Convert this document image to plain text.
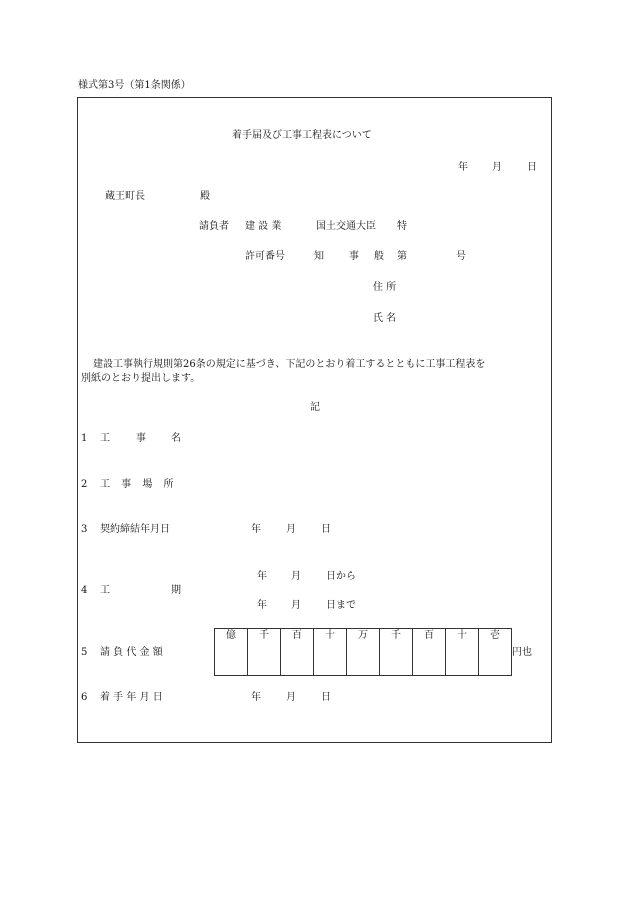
様式第3号（第1条関係）
着手届及び工事工程表について
年 月	日
蔵王町長	殿
請負者 建 設 業	国土交通大臣 特
許可番号	知	事 般 第	号
住 所
氏 名
建設工事執行規則第26条の規定に基づき、下記のとおり着工するとともに工事工程表を
別紙のとおり提出します。
記
1 工	事	名
2 工 事 場 所
3 契約締結年月日	年	月	日
4 工	期
年 月	日から
年 月	日まで
5 請 負 代 金 額
億	千	百	十	万	千	百	十	壱
円也
6 着 手 年 月 日	年	月	日
